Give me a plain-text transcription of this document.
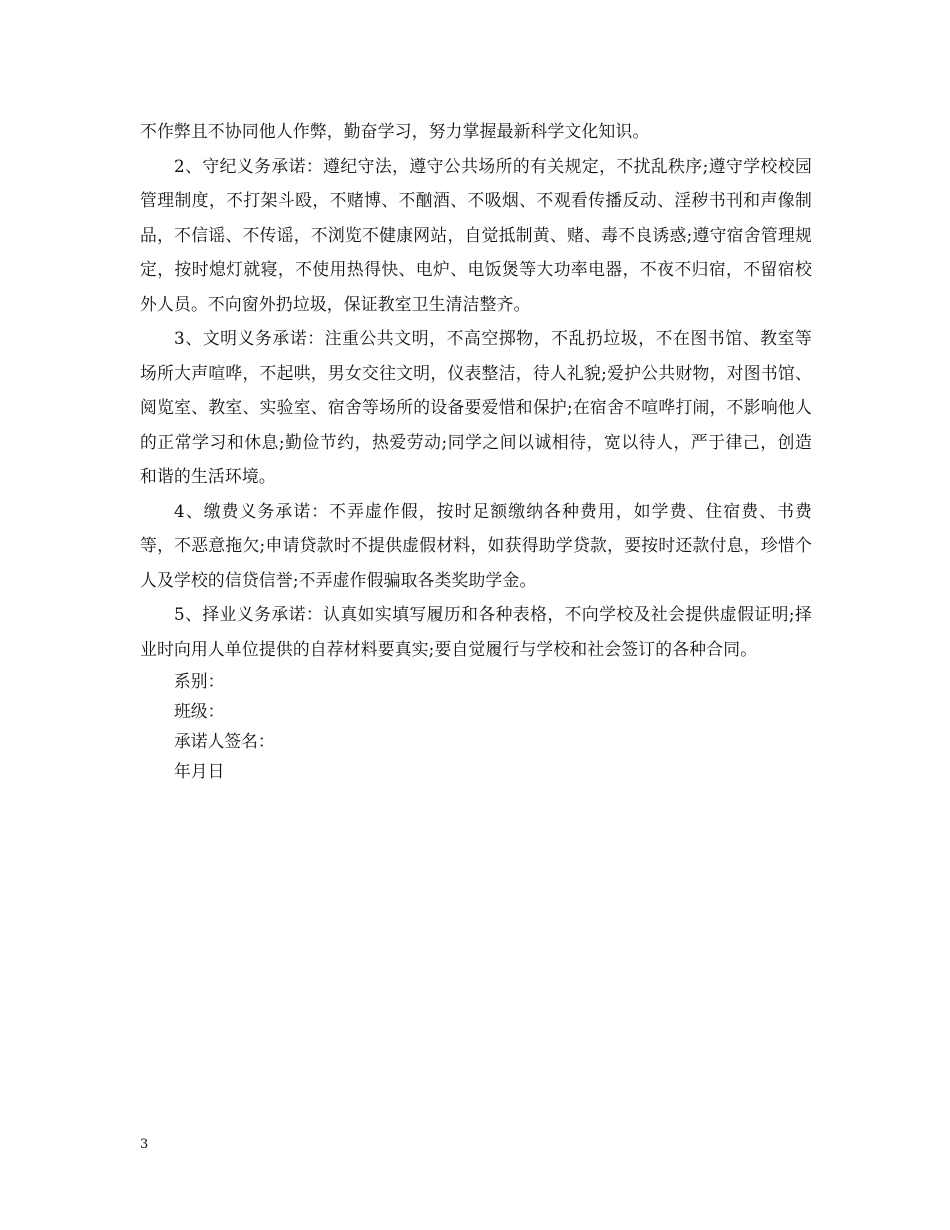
不作弊且不协同他人作弊，勤奋学习，努力掌握最新科学文化知识。

2、守纪义务承诺：遵纪守法，遵守公共场所的有关规定，不扰乱秩序;遵守学校校园管理制度，不打架斗殴，不赌博、不酗酒、不吸烟、不观看传播反动、淫秽书刊和声像制品，不信谣、不传谣，不浏览不健康网站，自觉抵制黄、赌、毒不良诱惑;遵守宿舍管理规定，按时熄灯就寝，不使用热得快、电炉、电饭煲等大功率电器，不夜不归宿，不留宿校外人员。不向窗外扔垃圾，保证教室卫生清洁整齐。

3、文明义务承诺：注重公共文明，不高空掷物，不乱扔垃圾，不在图书馆、教室等场所大声喧哗，不起哄，男女交往文明，仪表整洁，待人礼貌;爱护公共财物，对图书馆、阅览室、教室、实验室、宿舍等场所的设备要爱惜和保护;在宿舍不喧哗打闹，不影响他人的正常学习和休息;勤俭节约，热爱劳动;同学之间以诚相待，宽以待人，严于律己，创造和谐的生活环境。

4、缴费义务承诺：不弄虚作假，按时足额缴纳各种费用，如学费、住宿费、书费等，不恶意拖欠;申请贷款时不提供虚假材料，如获得助学贷款，要按时还款付息，珍惜个人及学校的信贷信誉;不弄虚作假骗取各类奖助学金。

5、择业义务承诺：认真如实填写履历和各种表格，不向学校及社会提供虚假证明;择业时向用人单位提供的自荐材料要真实;要自觉履行与学校和社会签订的各种合同。

系别：

班级：

承诺人签名：

年月日

3
